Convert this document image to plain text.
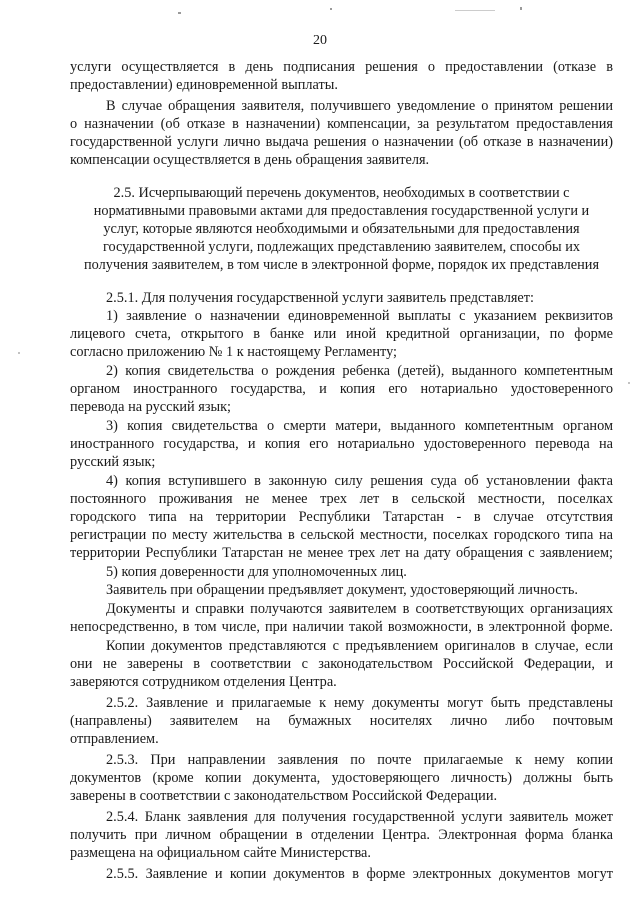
20
услуги осуществляется в день подписания решения о предоставлении (отказе в
предоставлении) единовременной выплаты.
В случае обращения заявителя, получившего уведомление о принятом решении
о назначении (об отказе в назначении) компенсации, за результатом предоставления
государственной услуги лично выдача решения о назначении (об отказе в назначении)
компенсации осуществляется в день обращения заявителя.
2.5. Исчерпывающий перечень документов, необходимых в соответствии с
нормативными правовыми актами для предоставления государственной услуги и
услуг, которые являются необходимыми и обязательными для предоставления
государственной услуги, подлежащих представлению заявителем, способы их
получения заявителем, в том числе в электронной форме, порядок их представления
2.5.1. Для получения государственной услуги заявитель представляет:
1) заявление о назначении единовременной выплаты с указанием реквизитов
лицевого счета, открытого в банке или иной кредитной организации, по форме
согласно приложению № 1 к настоящему Регламенту;
2) копия свидетельства о рождения ребенка (детей), выданного компетентным
органом иностранного государства, и копия его нотариально удостоверенного
перевода на русский язык;
3) копия свидетельства о смерти матери, выданного компетентным органом
иностранного государства, и копия его нотариально удостоверенного перевода на
русский язык;
4) копия вступившего в законную силу решения суда об установлении факта
постоянного проживания не менее трех лет в сельской местности, поселках
городского типа на территории Республики Татарстан - в случае отсутствия
регистрации по месту жительства в сельской местности, поселках городского типа на
территории Республики Татарстан не менее трех лет на дату обращения с заявлением;
5) копия доверенности для уполномоченных лиц.
Заявитель при обращении предъявляет документ, удостоверяющий личность.
Документы и справки получаются заявителем в соответствующих организациях
непосредственно, в том числе, при наличии такой возможности, в электронной форме.
Копии документов представляются с предъявлением оригиналов в случае, если
они не заверены в соответствии с законодательством Российской Федерации, и
заверяются сотрудником отделения Центра.
2.5.2. Заявление и прилагаемые к нему документы могут быть представлены
(направлены) заявителем на бумажных носителях лично либо почтовым
отправлением.
2.5.3. При направлении заявления по почте прилагаемые к нему копии
документов (кроме копии документа, удостоверяющего личность) должны быть
заверены в соответствии с законодательством Российской Федерации.
2.5.4. Бланк заявления для получения государственной услуги заявитель может
получить при личном обращении в отделении Центра. Электронная форма бланка
размещена на официальном сайте Министерства.
2.5.5. Заявление и копии документов в форме электронных документов могут
